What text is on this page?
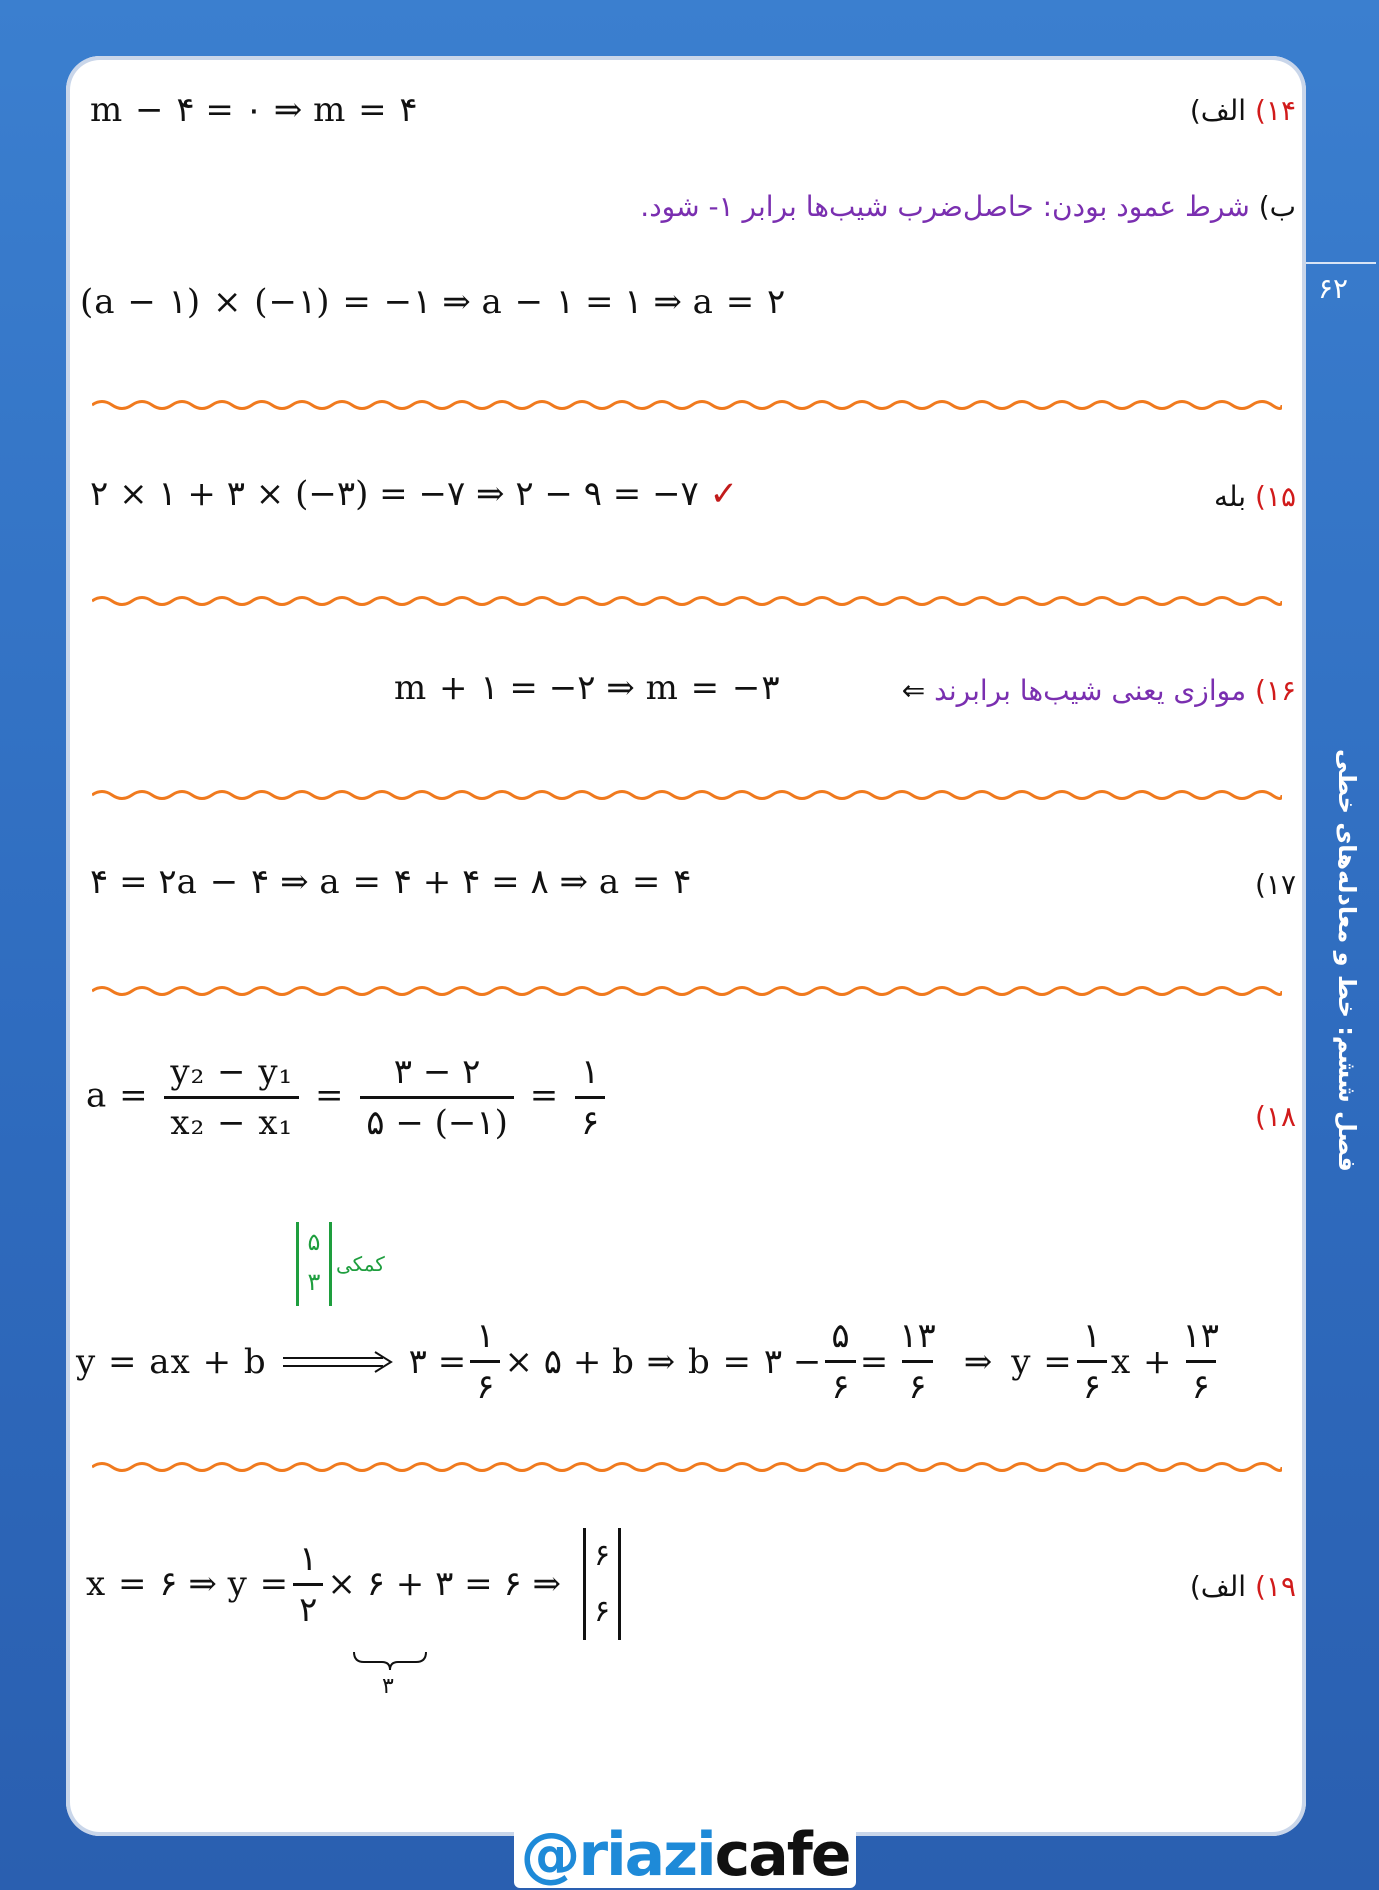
۶۲
فصل ششم: خط و معادله‌های خطی
۱۴) الف)
m − ۴ = ۰ ⇒ m = ۴
ب) شرط عمود بودن: حاصل‌ضرب شیب‌ها برابر ۱- شود.
(a − ۱) × (−۱) = −۱ ⇒ a − ۱ = ۱ ⇒ a = ۲
۱۵) بله
۲ × ۱ + ۳ × (−۳) = −۷ ⇒ ۲ − ۹ = −۷ ✓
۱۶) موازی یعنی شیب‌ها برابرند ⇐
m + ۱ = −۲ ⇒ m = −۳
۱۷)
۴ = ۲a − ۴ ⇒ a = ۴ + ۴ = ۸ ⇒ a = ۴
۱۸)
$a = \frac{\text{y₂ − y₁}}{\text{x₂ − x₁}} = \frac{۳ - ۲}{۵ - (-۱)} = \frac{۱}{۶}$
۵
۳
کمکی
y = ax + b	۳ = $\frac{۱}{۶}$ × ۵ + b ⇒ b = ۳ − $\frac{۵}{۶} = \frac{۱۳}{۶}$ ⇒ $y = \frac{۱}{۶}$ $x + \frac{۱۳}{۶}$
۱۹) الف)
x = ۶ ⇒ $y = \frac{۱}{۲}$ × ۶ + ۳ = ۶ ⇒
۶
۶
۳
@riazi cafe
